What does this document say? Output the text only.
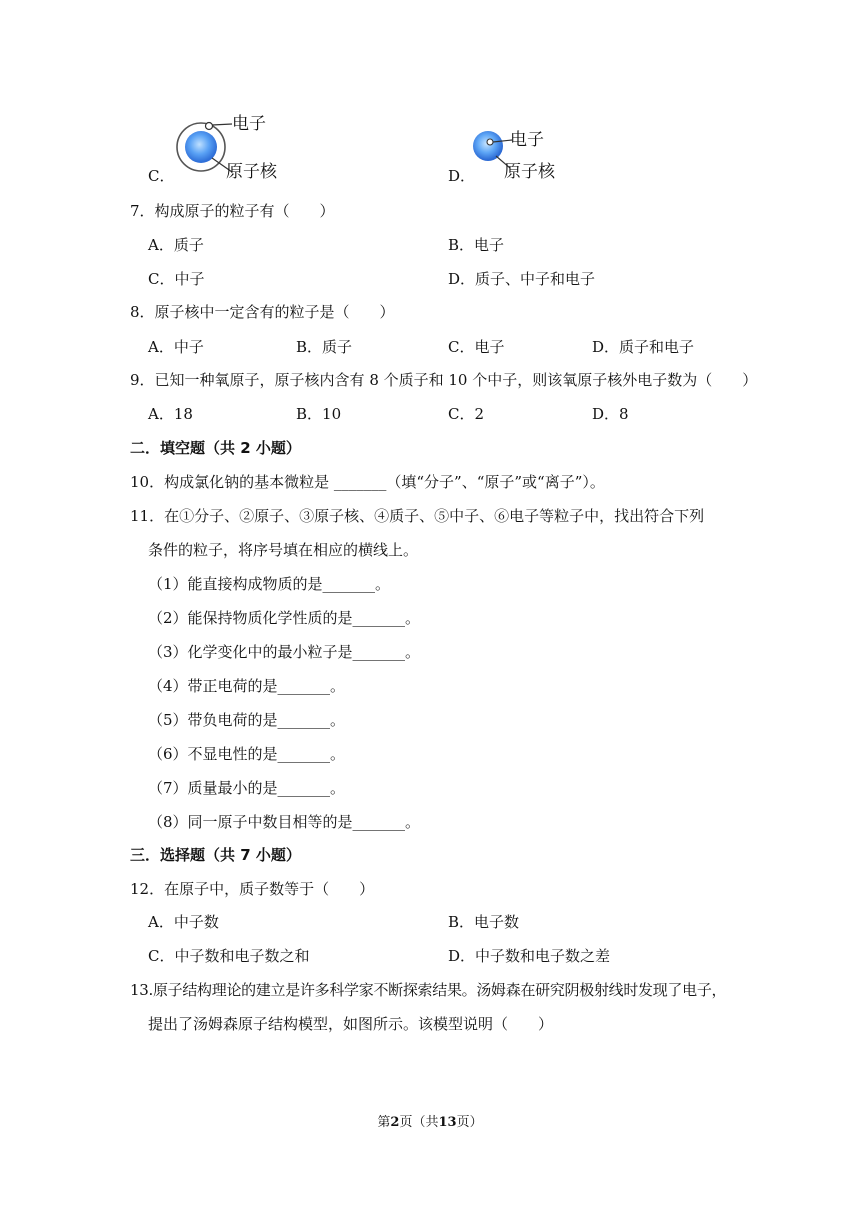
C．
电子
原子核	D．
电子
原子核
7．构成原子的粒子有（　　）
A．质子	B．电子
C．中子	D．质子、中子和电子
8．原子核中一定含有的粒子是（　　）
A．中子	B．质子	C．电子	D．质子和电子
9．已知一种氧原子，原子核内含有 8 个质子和 10 个中子，则该氧原子核外电子数为（　　）
A．18	B．10	C．2	D．8
二．填空题（共 2 小题）
10．构成氯化钠的基本微粒是 _______（填“分子”、“原子”或“离子”）。
11．在①分子、②原子、③原子核、④质子、⑤中子、⑥电子等粒子中，找出符合下列
条件的粒子，将序号填在相应的横线上。
（1）能直接构成物质的是_______。
（2）能保持物质化学性质的是_______。
（3）化学变化中的最小粒子是_______。
（4）带正电荷的是_______。
（5）带负电荷的是_______。
（6）不显电性的是_______。
（7）质量最小的是_______。
（8）同一原子中数目相等的是_______。
三．选择题（共 7 小题）
12．在原子中，质子数等于（　　）
A．中子数	B．电子数
C．中子数和电子数之和	D．中子数和电子数之差
13.原子结构理论的建立是许多科学家不断探索结果。汤姆森在研究阴极射线时发现了电子，
提出了汤姆森原子结构模型，如图所示。该模型说明（　　）
第2页（共13页）
